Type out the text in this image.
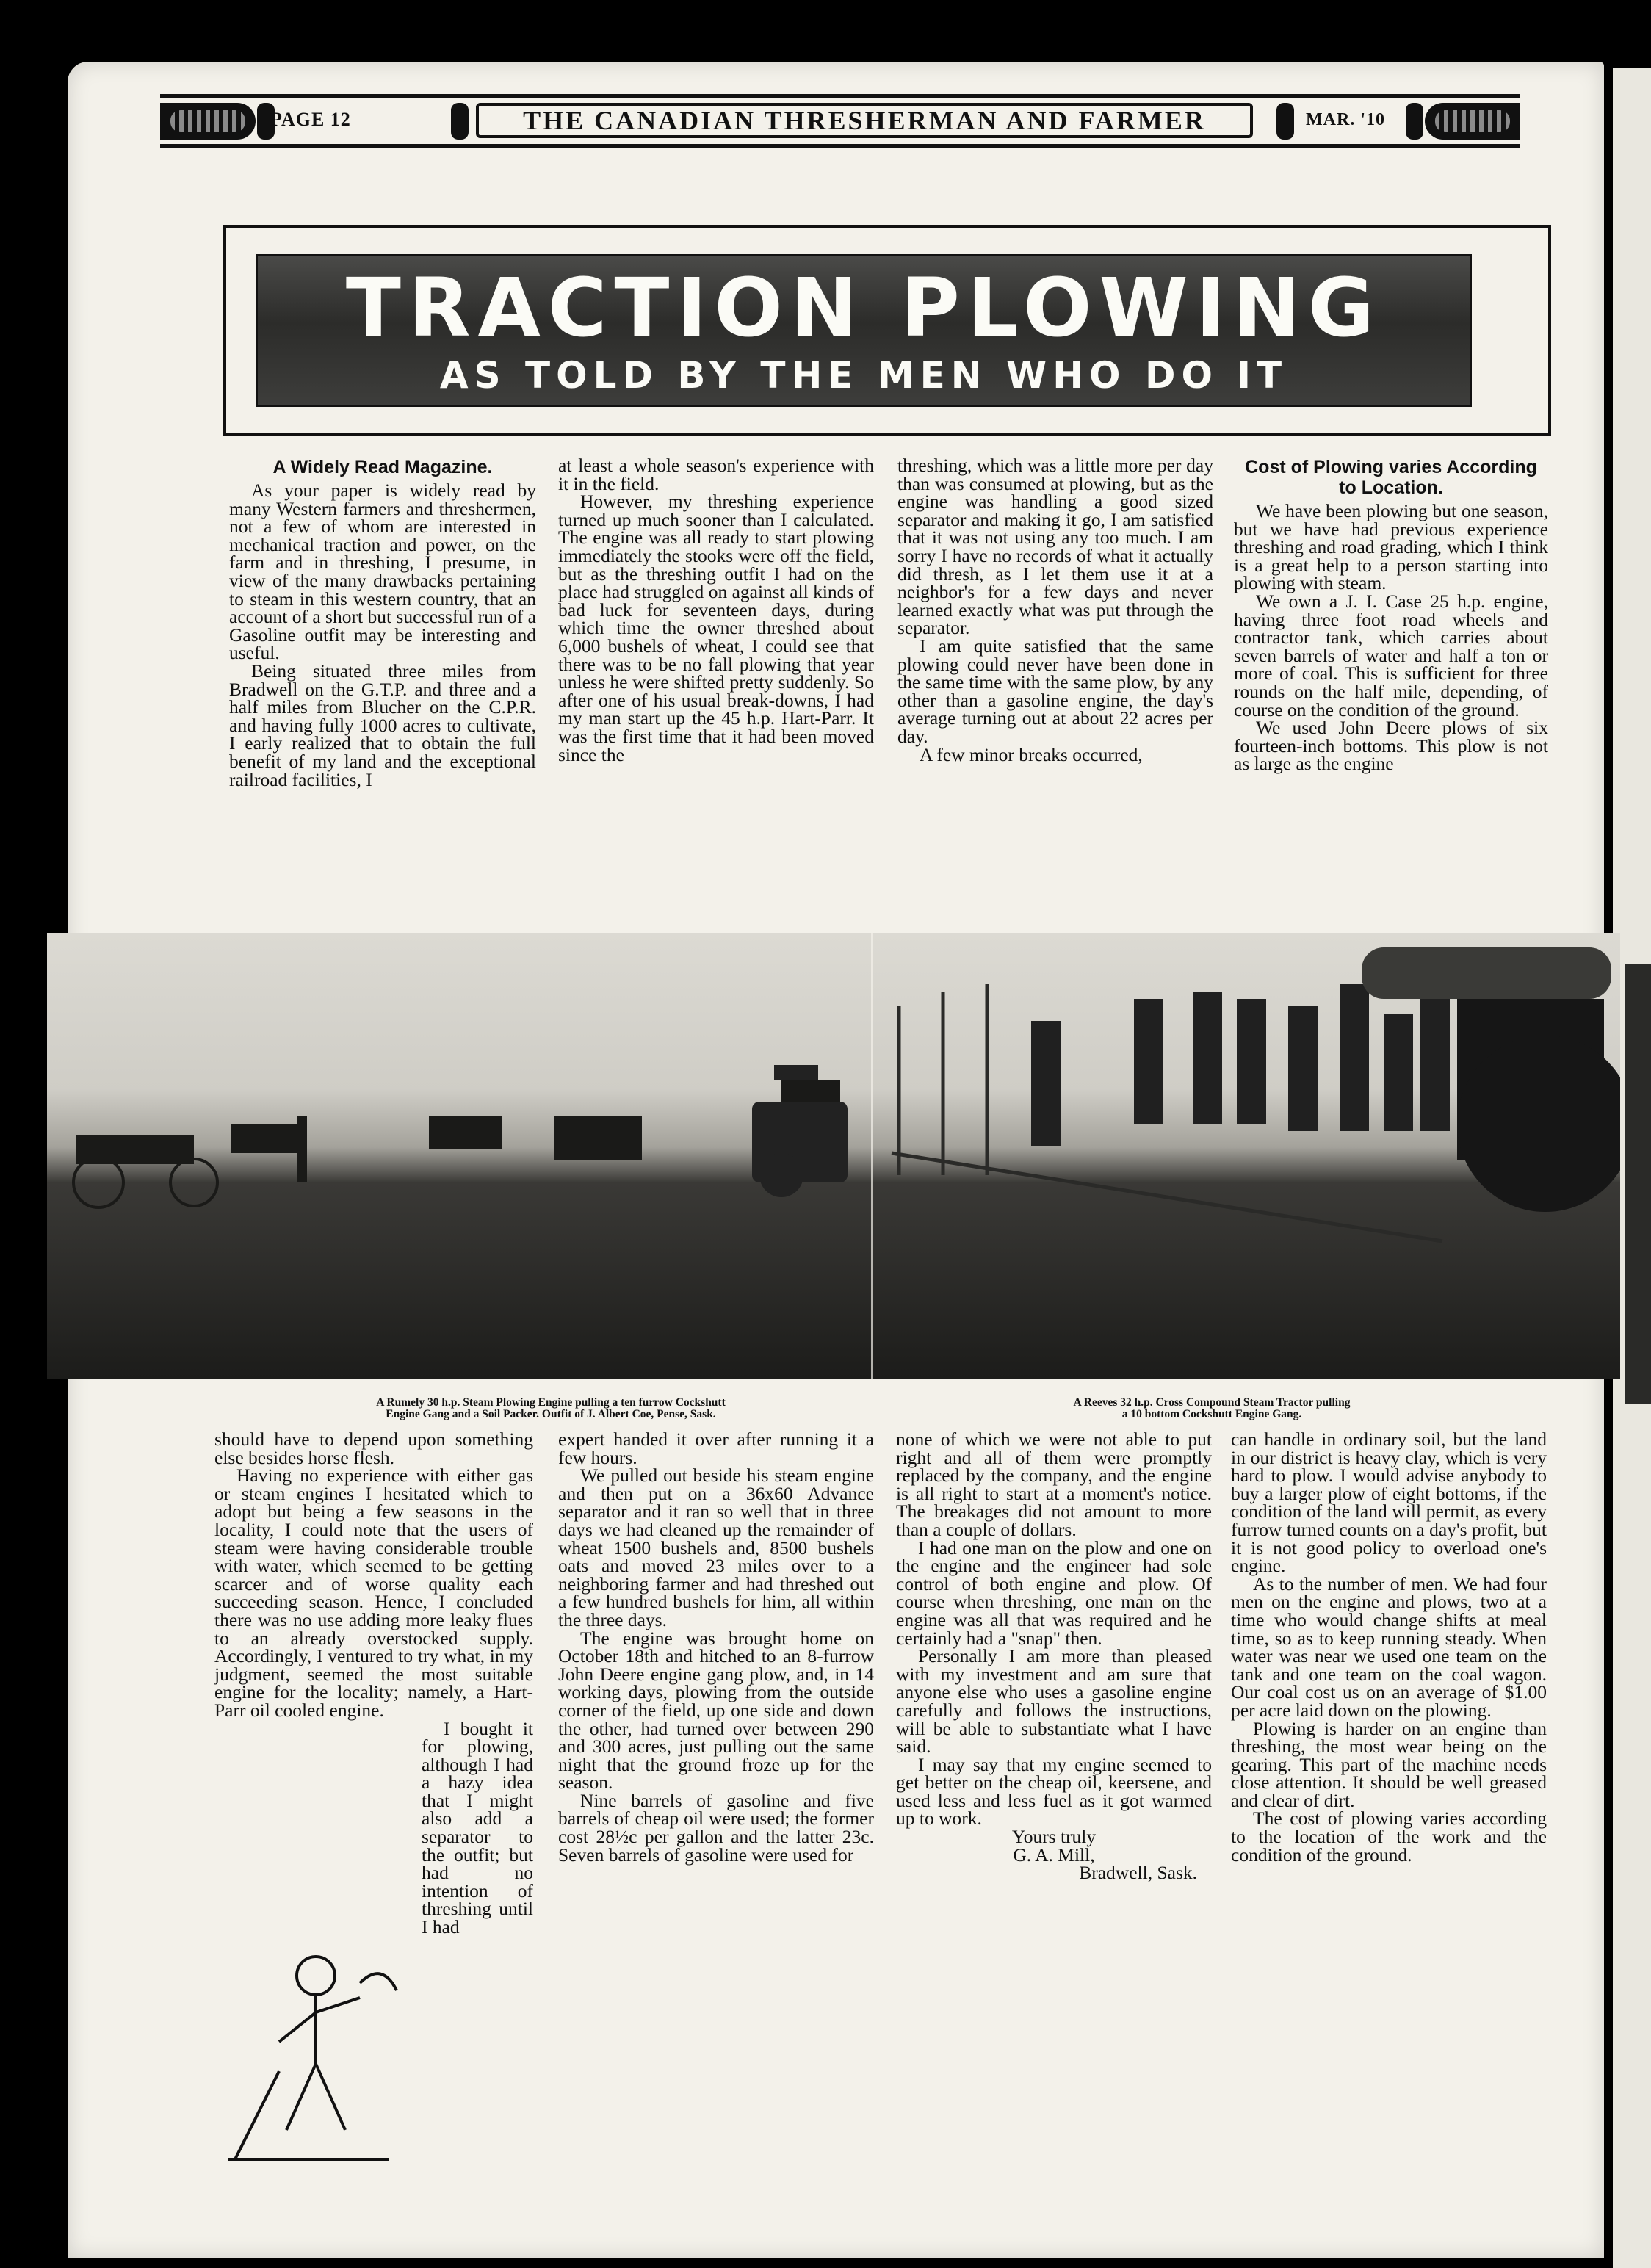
PAGE 12	THE CANADIAN THRESHERMAN AND FARMER	MAR. '10
TRACTION PLOWING
AS TOLD BY THE MEN WHO DO IT
A Widely Read Magazine.

As your paper is widely read by many Western farmers and threshermen, not a few of whom are interested in mechanical traction and power, on the farm and in threshing, I presume, in view of the many drawbacks pertaining to steam in this western country, that an account of a short but successful run of a Gasoline outfit may be interesting and useful.

Being situated three miles from Bradwell on the G.T.P. and three and a half miles from Blucher on the C.P.R. and having fully 1000 acres to cultivate, I early realized that to obtain the full benefit of my land and the exceptional railroad facilities, I

at least a whole season's experience with it in the field.

However, my threshing experience turned up much sooner than I calculated. The engine was all ready to start plowing immediately the stooks were off the field, but as the threshing outfit I had on the place had struggled on against all kinds of bad luck for seventeen days, during which time the owner threshed about 6,000 bushels of wheat, I could see that there was to be no fall plowing that year unless he were shifted pretty suddenly. So after one of his usual break-downs, I had my man start up the 45 h.p. Hart-Parr. It was the first time that it had been moved since the

threshing, which was a little more per day than was consumed at plowing, but as the engine was handling a good sized separator and making it go, I am satisfied that it was not using any too much. I am sorry I have no records of what it actually did thresh, as I let them use it at a neighbor's for a few days and never learned exactly what was put through the separator.

I am quite satisfied that the same plowing could never have been done in the same time with the same plow, by any other than a gasoline engine, the day's average turning out at about 22 acres per day.

A few minor breaks occurred,

Cost of Plowing varies According to Location.

We have been plowing but one season, but we have had previous experience threshing and road grading, which I think is a great help to a person starting into plowing with steam.

We own a J. I. Case 25 h.p. engine, having three foot road wheels and contractor tank, which carries about seven barrels of water and half a ton or more of coal. This is sufficient for three rounds on the half mile, depending, of course on the condition of the ground.

We used John Deere plows of six fourteen-inch bottoms. This plow is not as large as the engine

A Rumely 30 h.p. Steam Plowing Engine pulling a ten furrow Cockshutt
Engine Gang and a Soil Packer. Outfit of J. Albert Coe, Pense, Sask.
A Reeves 32 h.p. Cross Compound Steam Tractor pulling
a 10 bottom Cockshutt Engine Gang.

should have to depend upon something else besides horse flesh.

Having no experience with either gas or steam engines I hesitated which to adopt but being a few seasons in the locality, I could note that the users of steam were having considerable trouble with water, which seemed to be getting scarcer and of worse quality each succeeding season. Hence, I concluded there was no use adding more leaky flues to an already overstocked supply. Accordingly, I ventured to try what, in my judgment, seemed the most suitable engine for the locality; namely, a Hart-Parr oil cooled engine.

I bought it for plowing, although I had a hazy idea that I might also add a separator to the outfit; but had no intention of threshing until I had

expert handed it over after running it a few hours.

We pulled out beside his steam engine and then put on a 36x60 Advance separator and it ran so well that in three days we had cleaned up the remainder of wheat 1500 bushels and, 8500 bushels oats and moved 23 miles over to a neighboring farmer and had threshed out a few hundred bushels for him, all within the three days.

The engine was brought home on October 18th and hitched to an 8-furrow John Deere engine gang plow, and, in 14 working days, plowing from the outside corner of the field, up one side and down the other, had turned over between 290 and 300 acres, just pulling out the same night that the ground froze up for the season.

Nine barrels of gasoline and five barrels of cheap oil were used; the former cost 28½c per gallon and the latter 23c. Seven barrels of gasoline were used for

none of which we were not able to put right and all of them were promptly replaced by the company, and the engine is all right to start at a moment's notice. The breakages did not amount to more than a couple of dollars.

I had one man on the plow and one on the engine and the engineer had sole control of both engine and plow. Of course when threshing, one man on the engine was all that was required and he certainly had a "snap" then.

Personally I am more than pleased with my investment and am sure that anyone else who uses a gasoline engine carefully and follows the instructions, will be able to substantiate what I have said.

I may say that my engine seemed to get better on the cheap oil, keersene, and used less and less fuel as it got warmed up to work.

Yours truly
G. A. Mill,
Bradwell, Sask.

can handle in ordinary soil, but the land in our district is heavy clay, which is very hard to plow. I would advise anybody to buy a larger plow of eight bottoms, if the condition of the land will permit, as every furrow turned counts on a day's profit, but it is not good policy to overload one's engine.

As to the number of men. We had four men on the engine and plows, two at a time who would change shifts at meal time, so as to keep running steady. When water was near we used one team on the tank and one team on the coal wagon. Our coal cost us on an average of $1.00 per acre laid down on the plowing.

Plowing is harder on an engine than threshing, the most wear being on the gearing. This part of the machine needs close attention. It should be well greased and clear of dirt.

The cost of plowing varies according to the location of the work and the condition of the ground.
